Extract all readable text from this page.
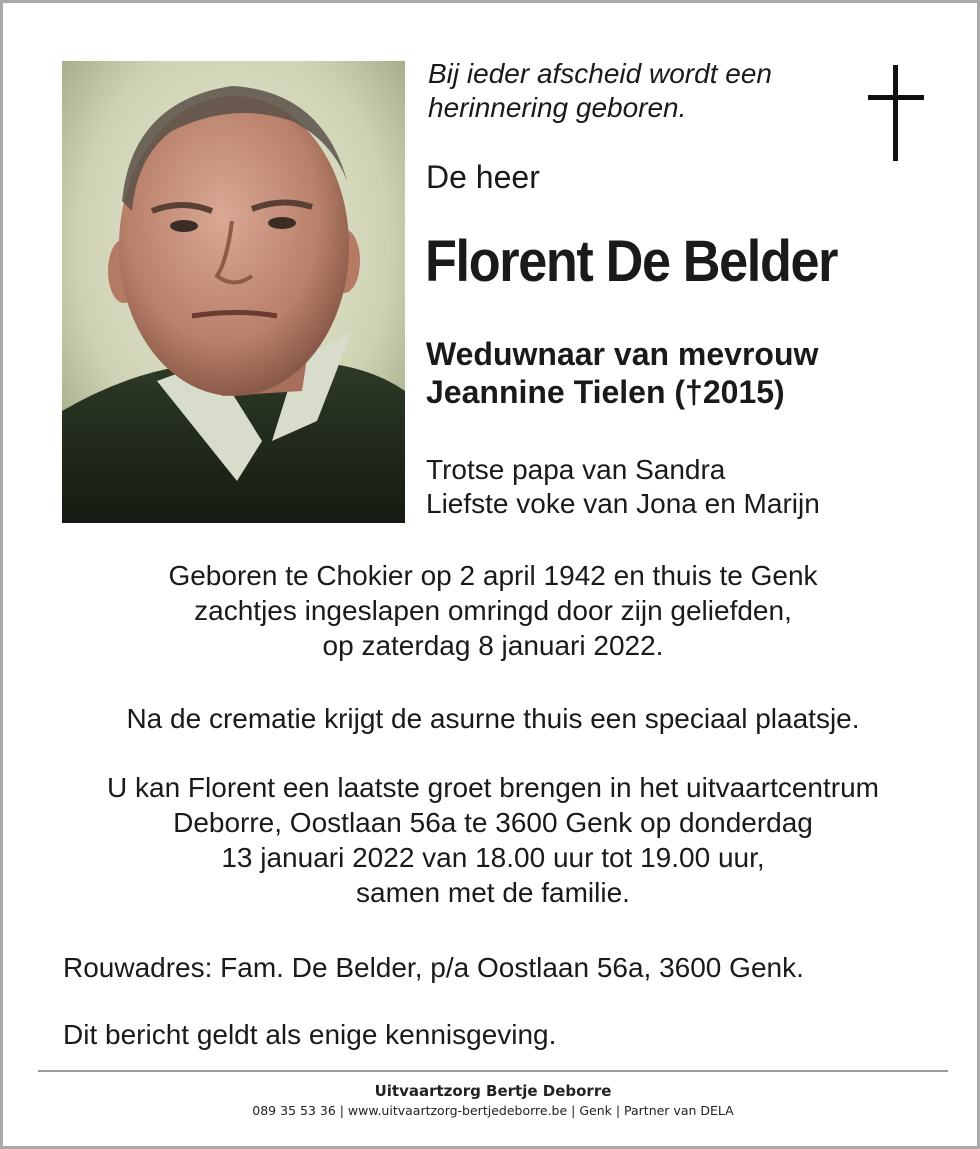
Bij ieder afscheid wordt een
herinnering geboren.
De heer
Florent De Belder
Weduwnaar van mevrouw
Jeannine Tielen (†2015)
Trotse papa van Sandra
Liefste voke van Jona en Marijn
Geboren te Chokier op 2 april 1942 en thuis te Genk
zachtjes ingeslapen omringd door zijn geliefden,
op zaterdag 8 januari 2022.
Na de crematie krijgt de asurne thuis een speciaal plaatsje.
U kan Florent een laatste groet brengen in het uitvaartcentrum
Deborre, Oostlaan 56a te 3600 Genk op donderdag
13 januari 2022 van 18.00 uur tot 19.00 uur,
samen met de familie.
Rouwadres: Fam. De Belder, p/a Oostlaan 56a, 3600 Genk.
Dit bericht geldt als enige kennisgeving.
Uitvaartzorg Bertje Deborre
089 35 53 36 | www.uitvaartzorg-bertjedeborre.be | Genk | Partner van DELA
